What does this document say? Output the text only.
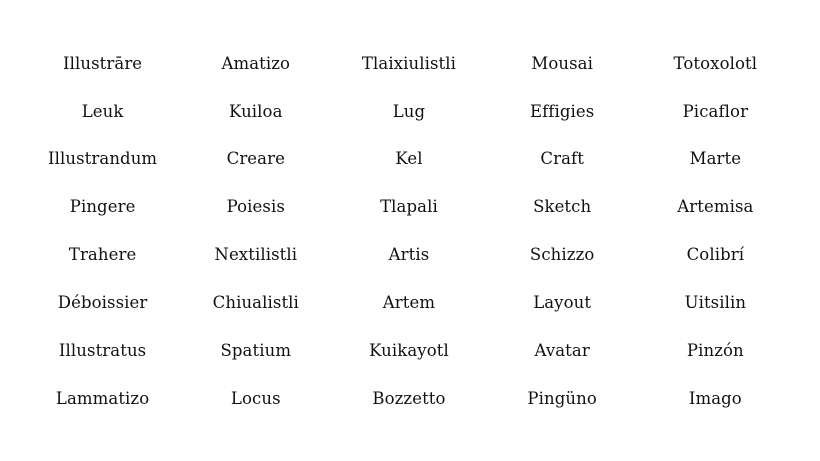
Illustrāre	Amatizo	Tlaixiulistli	Mousai	Totoxolotl
Leuk	Kuiloa	Lug	Effigies	Picaflor
Illustrandum	Creare	Kel	Craft	Marte
Pingere	Poiesis	Tlapali	Sketch	Artemisa
Trahere	Nextilistli	Artis	Schizzo	Colibrí
Déboissier	Chiualistli	Artem	Layout	Uitsilin
Illustratus	Spatium	Kuikayotl	Avatar	Pinzón
Lammatizo	Locus	Bozzetto	Pingüno	Imago
